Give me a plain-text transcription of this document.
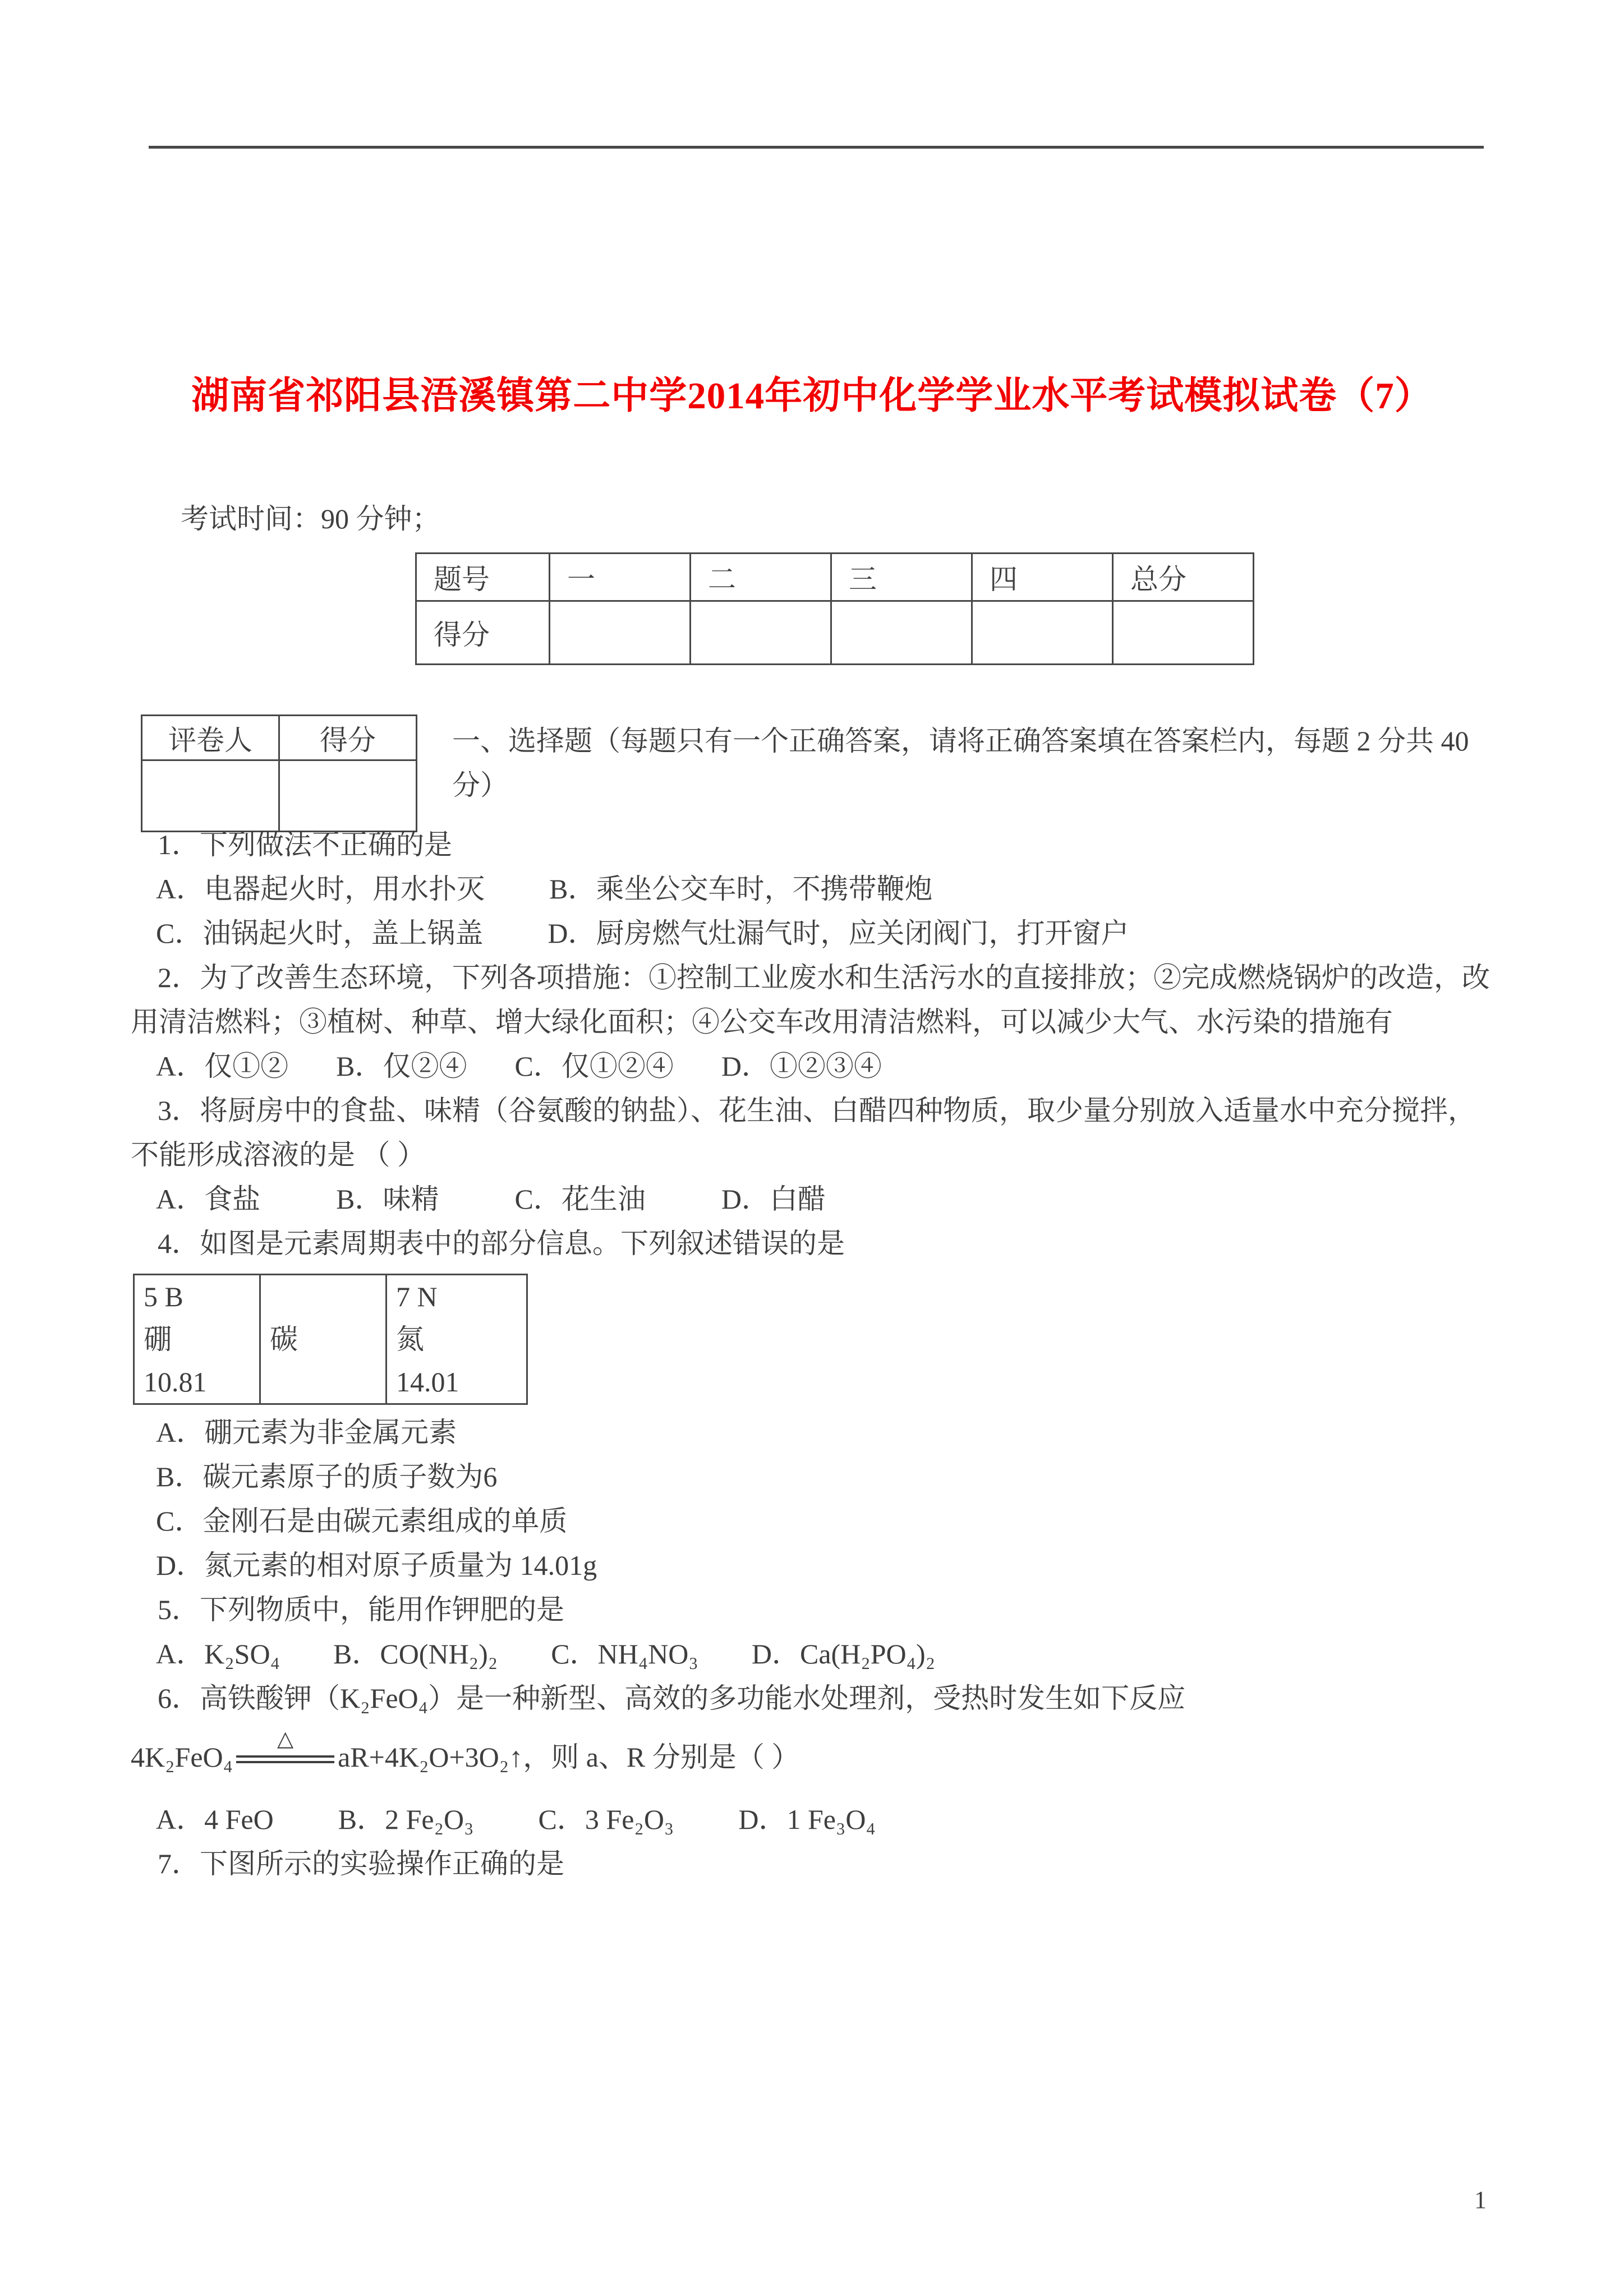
湖南省祁阳县浯溪镇第二中学2014年初中化学学业水平考试模拟试卷（7）
考试时间：90 分钟；
题号	一	二	三	四	总分
得分					
评卷人	得分
		一、选择题（每题只有一个正确答案，请将正确答案填在答案栏内，每题 2 分共 40 分）

1．下列做法不正确的是

A．电器起火时，用水扑灭 B．乘坐公交车时，不携带鞭炮
C．油锅起火时，盖上锅盖 D．厨房燃气灶漏气时，应关闭阀门，打开窗户

2．为了改善生态环境，下列各项措施：①控制工业废水和生活污水的直接排放；②完成燃烧锅炉的改造，改用清洁燃料；③植树、种草、增大绿化面积；④公交车改用清洁燃料，可以减少大气、水污染的措施有

A．仅①② B．仅②④ C．仅①②④ D．①②③④

3．将厨房中的食盐、味精（谷氨酸的钠盐）、花生油、白醋四种物质，取少量分别放入适量水中充分搅拌，不能形成溶液的是 （ ）

A．食盐	B．味精	C．花生油	D．白醋

4．如图是元素周期表中的部分信息。下列叙述错误的是

5 B
硼
10.81

碳

7 N
氮
14.01
A．硼元素为非金属元素
B．碳元素原子的质子数为6
C．金刚石是由碳元素组成的单质
D．氮元素的相对原子质量为 14.01g

5．下列物质中，能用作钾肥的是

A．K₂SO₄ B．CO(NH₂)₂ C．NH₄NO₃ D．Ca(H₂PO₄)₂

6．高铁酸钾（K₂FeO₄）是一种新型、高效的多功能水处理剂，受热时发生如下反应

4K₂FeO₄
△
aR+4K₂O+3O₂↑，则 a、R 分别是（ ）

A．4 FeO B．2 Fe₂O₃ C．3 Fe₂O₃ D．1 Fe₃O₄

7．下图所示的实验操作正确的是

1
